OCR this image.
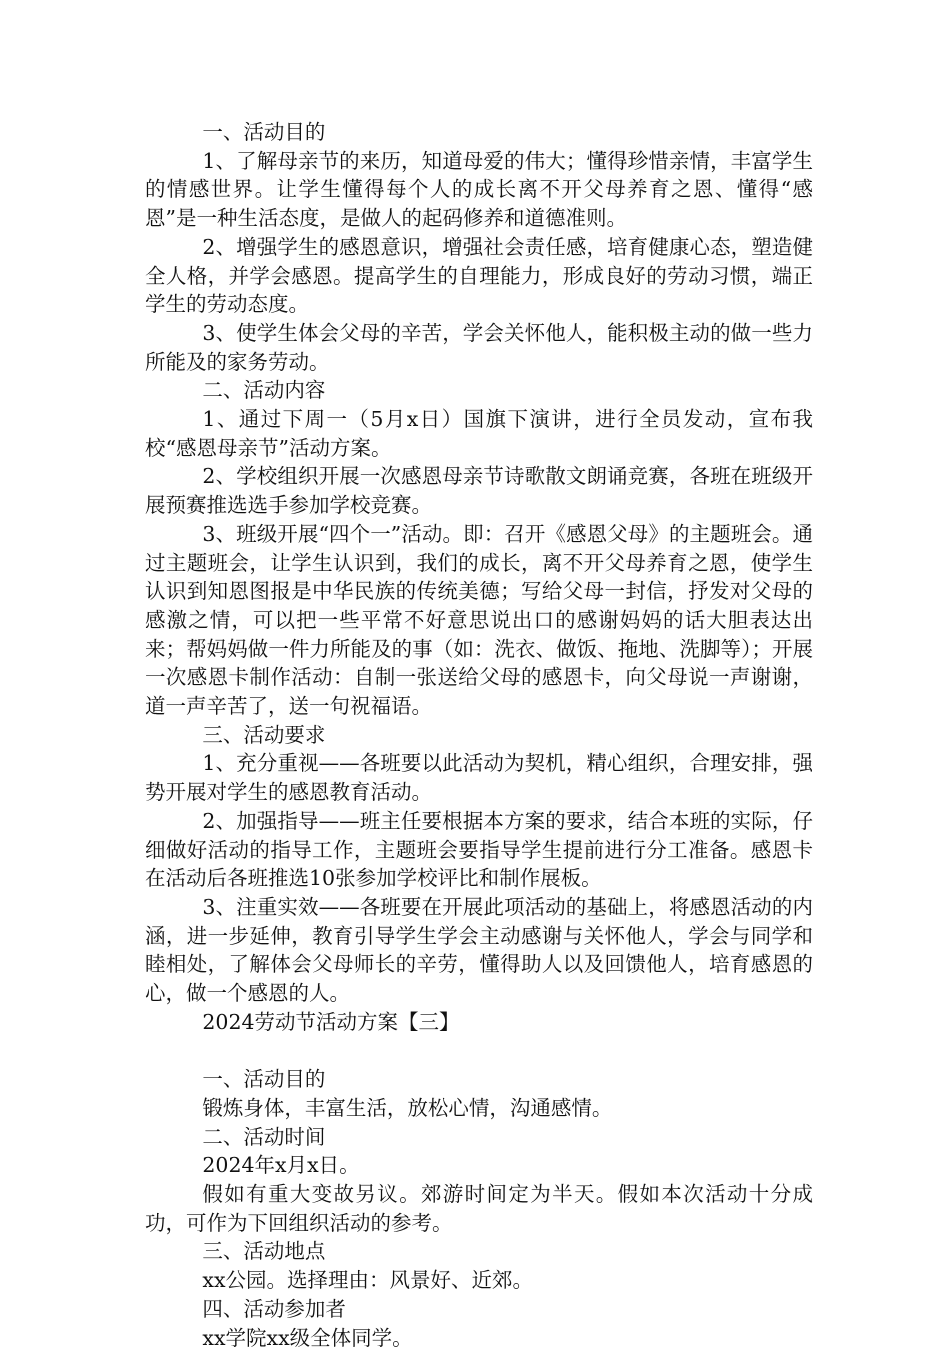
一、活动目的

1、了解母亲节的来历，知道母爱的伟大；懂得珍惜亲情，丰富学生的情感世界。让学生懂得每个人的成长离不开父母养育之恩、懂得“感恩”是一种生活态度，是做人的起码修养和道德准则。

2、增强学生的感恩意识，增强社会责任感，培育健康心态，塑造健全人格，并学会感恩。提高学生的自理能力，形成良好的劳动习惯，端正学生的劳动态度。

3、使学生体会父母的辛苦，学会关怀他人，能积极主动的做一些力所能及的家务劳动。

二、活动内容

1、通过下周一（5月x日）国旗下演讲，进行全员发动，宣布我校“感恩母亲节”活动方案。

2、学校组织开展一次感恩母亲节诗歌散文朗诵竞赛，各班在班级开展预赛推选选手参加学校竞赛。

3、班级开展“四个一”活动。即：召开《感恩父母》的主题班会。通过主题班会，让学生认识到，我们的成长，离不开父母养育之恩，使学生认识到知恩图报是中华民族的传统美德；写给父母一封信，抒发对父母的感激之情，可以把一些平常不好意思说出口的感谢妈妈的话大胆表达出来；帮妈妈做一件力所能及的事（如：洗衣、做饭、拖地、洗脚等）；开展一次感恩卡制作活动：自制一张送给父母的感恩卡，向父母说一声谢谢，道一声辛苦了，送一句祝福语。

三、活动要求

1、充分重视——各班要以此活动为契机，精心组织，合理安排，强势开展对学生的感恩教育活动。

2、加强指导——班主任要根据本方案的要求，结合本班的实际，仔细做好活动的指导工作，主题班会要指导学生提前进行分工准备。感恩卡在活动后各班推选10张参加学校评比和制作展板。

3、注重实效——各班要在开展此项活动的基础上，将感恩活动的内涵，进一步延伸，教育引导学生学会主动感谢与关怀他人，学会与同学和睦相处，了解体会父母师长的辛劳，懂得助人以及回馈他人，培育感恩的心，做一个感恩的人。

2024劳动节活动方案【三】

一、活动目的

锻炼身体，丰富生活，放松心情，沟通感情。

二、活动时间

2024年x月x日。

假如有重大变故另议。郊游时间定为半天。假如本次活动十分成功，可作为下回组织活动的参考。

三、活动地点

xx公园。选择理由：风景好、近郊。

四、活动参加者

xx学院xx级全体同学。
